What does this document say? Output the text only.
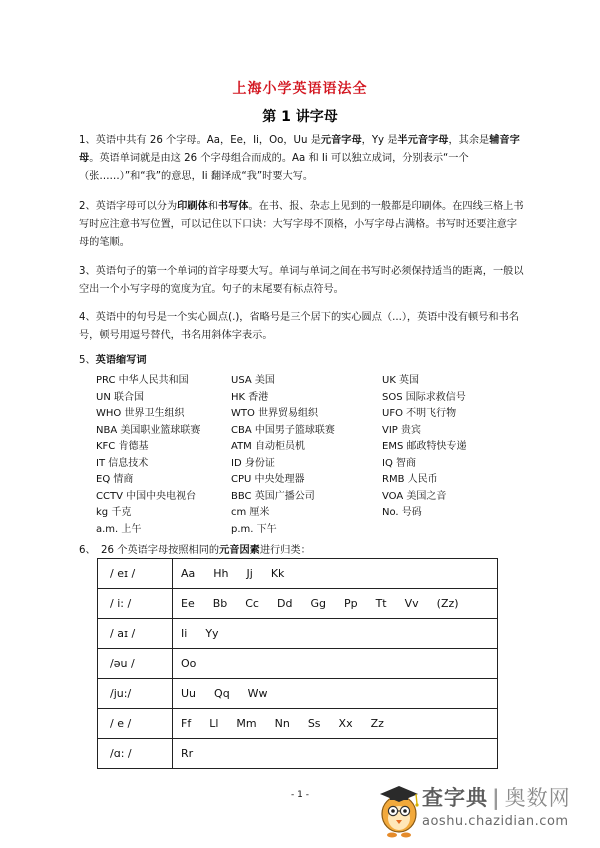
上海小学英语语法全
第 1 讲字母
1、英语中共有 26 个字母。Aa，Ee，Ii，Oo，Uu 是元音字母，Yy 是半元音字母，其余是辅音字母。英语单词就是由这 26 个字母组合而成的。Aa 和 Ii 可以独立成词，分别表示“一个（张……）”和“我”的意思，Ii 翻译成“我”时要大写。
2、英语字母可以分为印刷体和书写体。在书、报、杂志上见到的一般都是印刷体。在四线三格上书写时应注意书写位置，可以记住以下口诀：大写字母不顶格，小写字母占满格。书写时还要注意字母的笔顺。
3、英语句子的第一个单词的首字母要大写。单词与单词之间在书写时必须保持适当的距离，一般以空出一个小写字母的宽度为宜。句子的末尾要有标点符号。
4、英语中的句号是一个实心圆点(.)，省略号是三个居下的实心圆点（...），英语中没有顿号和书名号，顿号用逗号替代，书名用斜体字表示。
5、英语缩写词
PRC 中华人民共和国	USA 美国	UK 英国
UN 联合国	HK 香港	SOS 国际求救信号
WHO 世界卫生组织	WTO 世界贸易组织	UFO 不明飞行物
NBA 美国职业篮球联赛	CBA 中国男子篮球联赛	VIP 贵宾
KFC 肯德基	ATM 自动柜员机	EMS 邮政特快专递
IT 信息技术	ID 身份证	IQ 智商
EQ 情商	CPU 中央处理器	RMB 人民币
CCTV 中国中央电视台	BBC 英国广播公司	VOA 美国之音
kg 千克	cm 厘米	No. 号码
a.m. 上午	p.m. 下午
6、 26 个英语字母按照相同的元音因素进行归类：
/ eɪ /	Aa Hh Jj Kk
/ i: /	Ee Bb Cc Dd Gg Pp Tt Vv (Zz)
/ aɪ /	Ii Yy
/əu /	Oo
/ju:/	Uu Qq Ww
/ e /	Ff Ll Mm Nn Ss Xx Zz
/ɑ: /	Rr
- 1 -	查字典 | 奥数网
aoshu.chazidian.com
